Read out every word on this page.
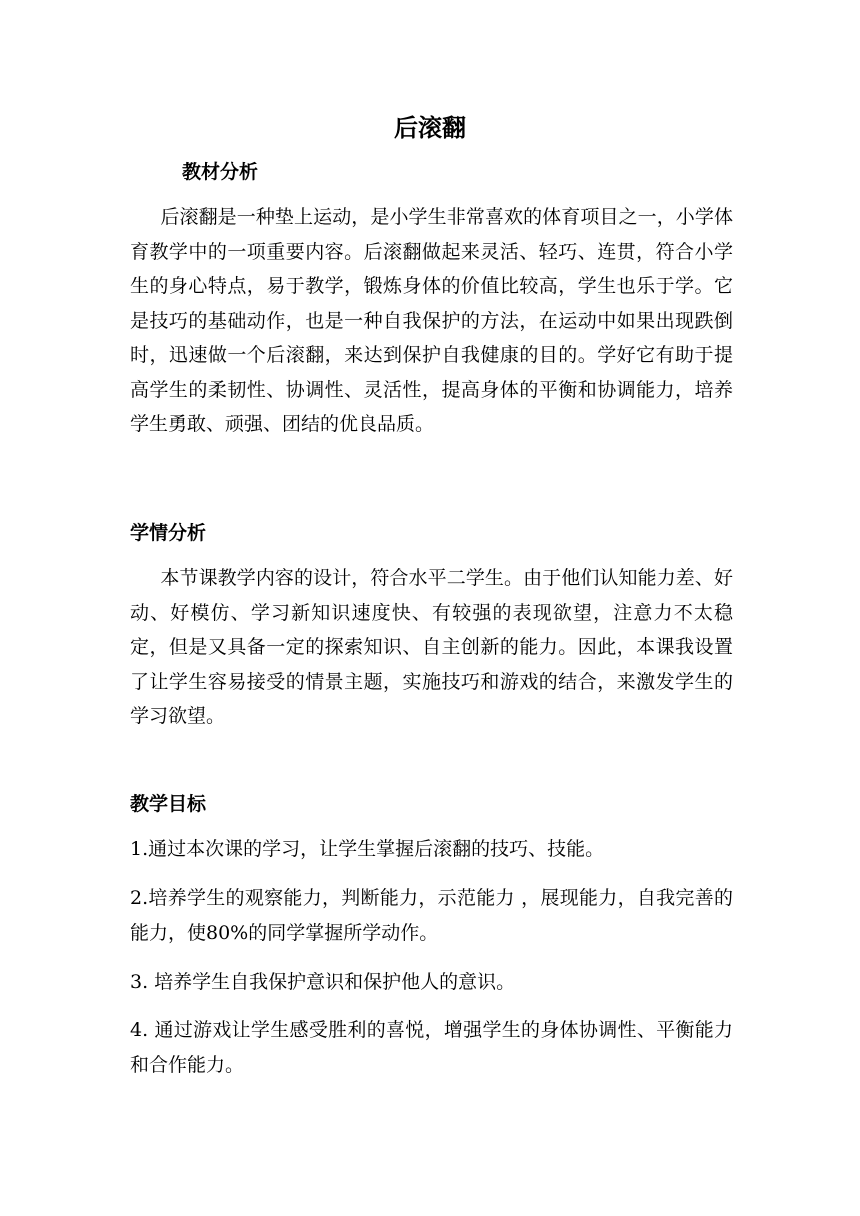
后滚翻
教材分析
后滚翻是一种垫上运动，是小学生非常喜欢的体育项目之一，小学体育教学中的一项重要内容。后滚翻做起来灵活、轻巧、连贯，符合小学生的身心特点，易于教学，锻炼身体的价值比较高，学生也乐于学。它是技巧的基础动作，也是一种自我保护的方法，在运动中如果出现跌倒时，迅速做一个后滚翻，来达到保护自我健康的目的。学好它有助于提高学生的柔韧性、协调性、灵活性，提高身体的平衡和协调能力，培养学生勇敢、顽强、团结的优良品质。
学情分析
本节课教学内容的设计，符合水平二学生。由于他们认知能力差、好动、好模仿、学习新知识速度快、有较强的表现欲望，注意力不太稳定，但是又具备一定的探索知识、自主创新的能力。因此，本课我设置了让学生容易接受的情景主题，实施技巧和游戏的结合，来激发学生的学习欲望。
教学目标
1.通过本次课的学习，让学生掌握后滚翻的技巧、技能。
2.培养学生的观察能力，判断能力，示范能力 ，展现能力，自我完善的能力，使80%的同学掌握所学动作。
3. 培养学生自我保护意识和保护他人的意识。
4. 通过游戏让学生感受胜利的喜悦，增强学生的身体协调性、平衡能力和合作能力。
